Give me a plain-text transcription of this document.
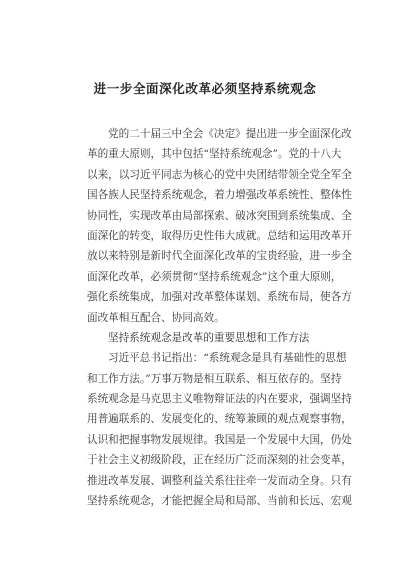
进一步全面深化改革必须坚持系统观念
党的二十届三中全会《决定》提出进一步全面深化改
革的重大原则，其中包括“坚持系统观念”。党的十八大
以来，以习近平同志为核心的党中央团结带领全党全军全
国各族人民坚持系统观念，着力增强改革系统性、整体性
协同性，实现改革由局部探索、破冰突围到系统集成、全
面深化的转变，取得历史性伟大成就。总结和运用改革开
放以来特别是新时代全面深化改革的宝贵经验，进一步全
面深化改革，必须贯彻“坚持系统观念”这个重大原则，
强化系统集成，加强对改革整体谋划、系统布局，使各方
面改革相互配合、协同高效。
坚持系统观念是改革的重要思想和工作方法
习近平总书记指出：“系统观念是具有基础性的思想
和工作方法。”万事万物是相互联系、相互依存的。坚持
系统观念是马克思主义唯物辩证法的内在要求，强调坚持
用普遍联系的、发展变化的、统筹兼顾的观点观察事物，
认识和把握事物发展规律。我国是一个发展中大国，仍处
于社会主义初级阶段，正在经历广泛而深刻的社会变革，
推进改革发展、调整利益关系往往牵一发而动全身。只有
坚持系统观念，才能把握全局和局部、当前和长远、宏观
